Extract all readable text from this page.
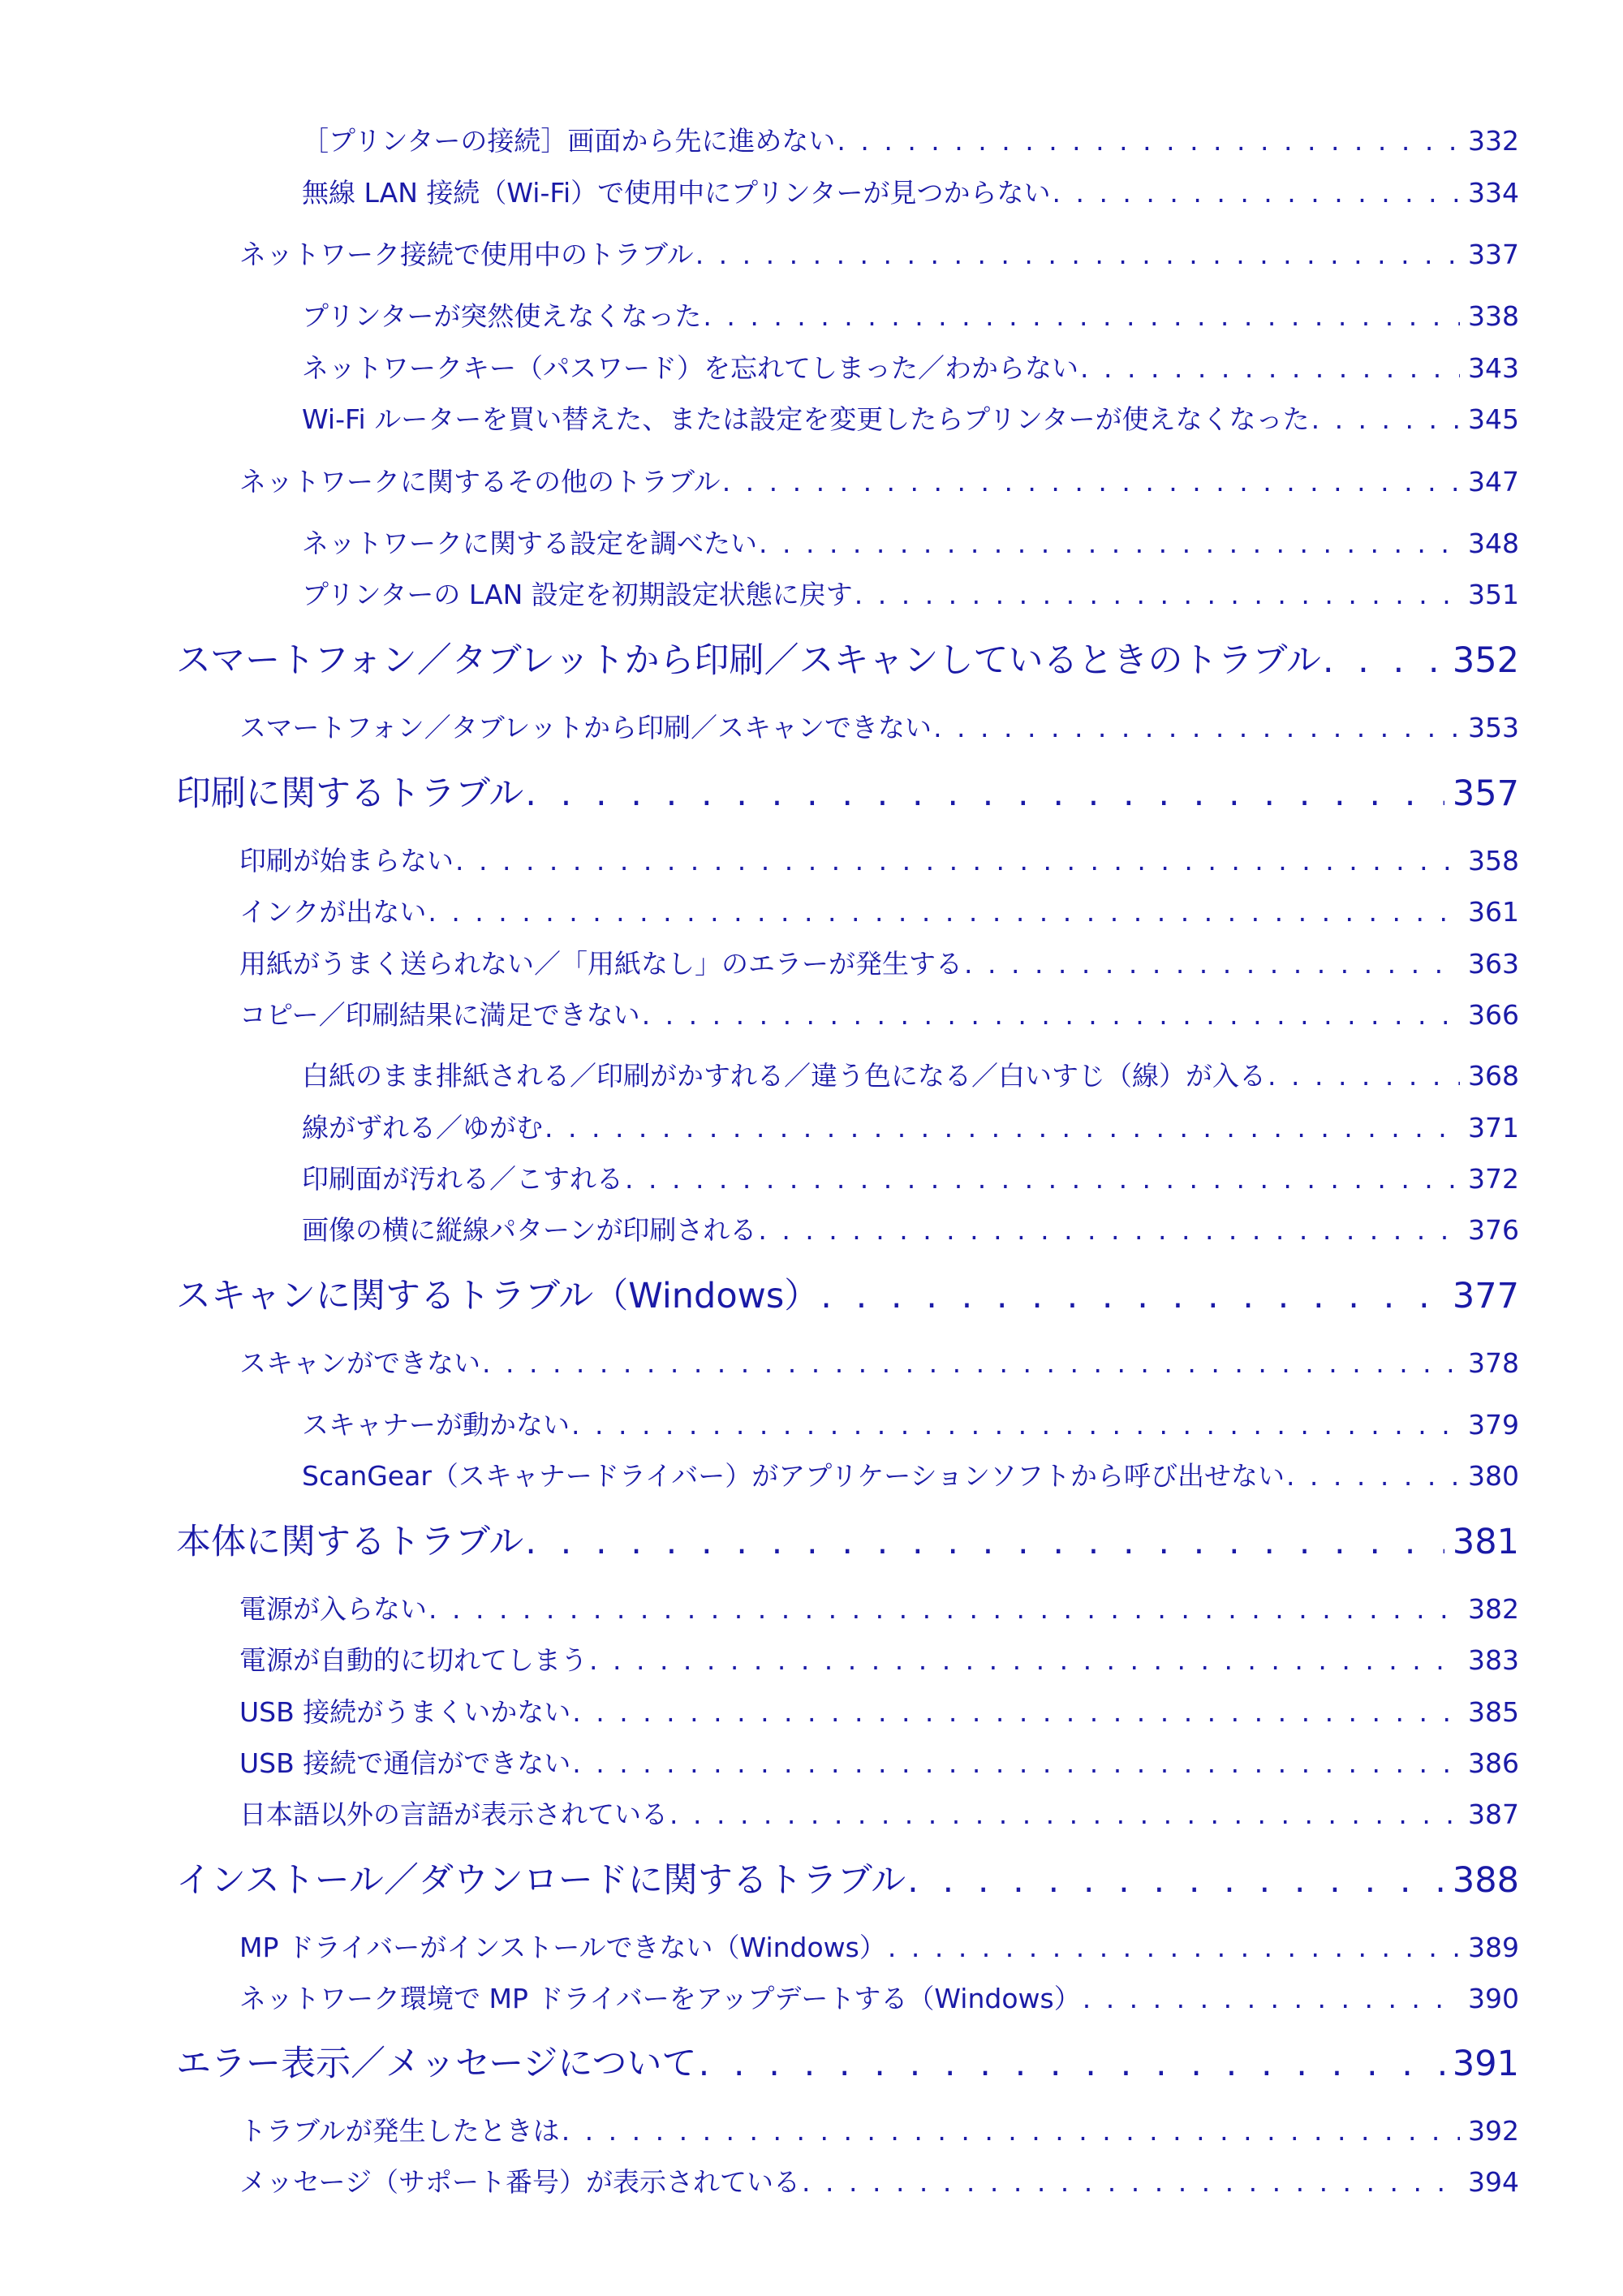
［プリンターの接続］画面から先に進めない . . .	332
無線 LAN 接続（Wi-Fi）で使用中にプリンターが見つからない . . .	334
ネットワーク接続で使用中のトラブル . . .	337
プリンターが突然使えなくなった . . .	338
ネットワークキー（パスワード）を忘れてしまった／わからない . . .	343
Wi-Fi ルーターを買い替えた、または設定を変更したらプリンターが使えなくなった . . .	345
ネットワークに関するその他のトラブル . . .	347
ネットワークに関する設定を調べたい . . .	348
プリンターの LAN 設定を初期設定状態に戻す . . .	351
スマートフォン／タブレットから印刷／スキャンしているときのトラブル . . .	352
スマートフォン／タブレットから印刷／スキャンできない . . .	353
印刷に関するトラブル . . .	357
印刷が始まらない . . .	358
インクが出ない . . .	361
用紙がうまく送られない／「用紙なし」のエラーが発生する . . .	363
コピー／印刷結果に満足できない . . .	366
白紙のまま排紙される／印刷がかすれる／違う色になる／白いすじ（線）が入る . . .	368
線がずれる／ゆがむ . . .	371
印刷面が汚れる／こすれる . . .	372
画像の横に縦線パターンが印刷される . . .	376
スキャンに関するトラブル（Windows） . . .	377
スキャンができない . . .	378
スキャナーが動かない . . .	379
ScanGear（スキャナードライバー）がアプリケーションソフトから呼び出せない . . .	380
本体に関するトラブル . . .	381
電源が入らない . . .	382
電源が自動的に切れてしまう . . .	383
USB 接続がうまくいかない . . .	385
USB 接続で通信ができない . . .	386
日本語以外の言語が表示されている . . .	387
インストール／ダウンロードに関するトラブル . . .	388
MP ドライバーがインストールできない（Windows） . . .	389
ネットワーク環境で MP ドライバーをアップデートする（Windows） . . .	390
エラー表示／メッセージについて . . .	391
トラブルが発生したときは . . .	392
メッセージ（サポート番号）が表示されている . . .	394
